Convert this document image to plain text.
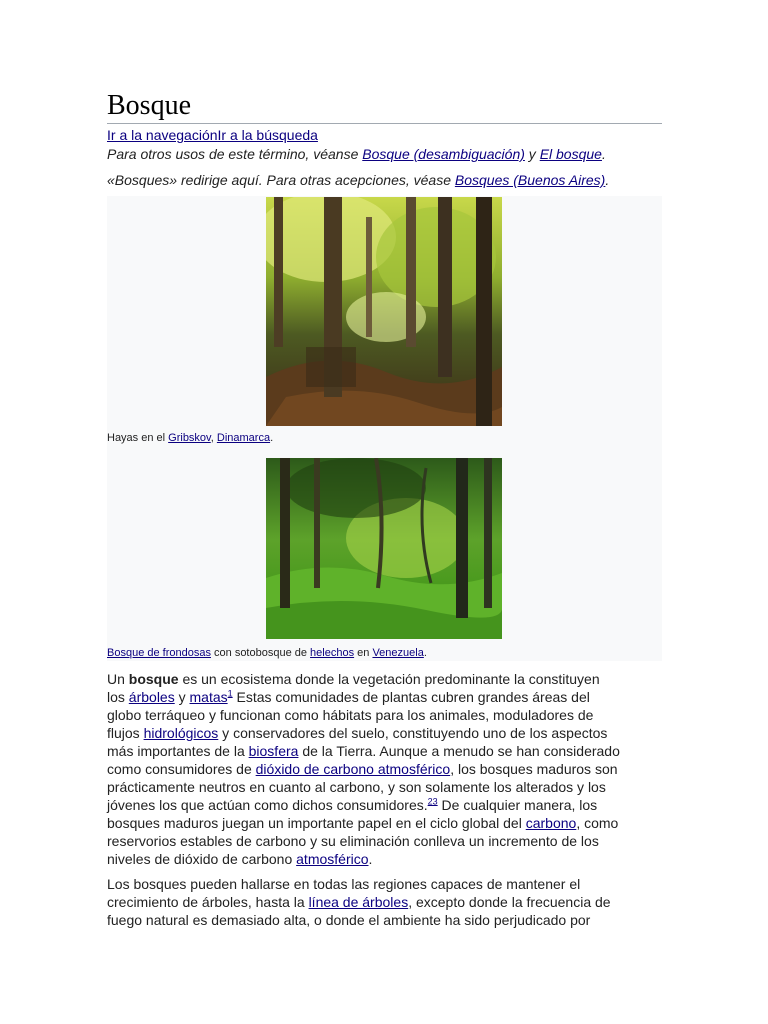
Bosque
Ir a la navegaciónIr a la búsqueda
Para otros usos de este término, véanse Bosque (desambiguación) y El bosque.
«Bosques» redirige aquí. Para otras acepciones, véase Bosques (Buenos Aires).
Hayas en el Gribskov, Dinamarca.
Bosque de frondosas con sotobosque de helechos en Venezuela.
Un bosque es un ecosistema donde la vegetación predominante la constituyen
los árboles y matas$^1$ Estas comunidades de plantas cubren grandes áreas del
globo terráqueo y funcionan como hábitats para los animales, moduladores de
flujos hidrológicos y conservadores del suelo, constituyendo uno de los aspectos
más importantes de la biosfera de la Tierra. Aunque a menudo se han considerado
como consumidores de dióxido de carbono atmosférico, los bosques maduros son
prácticamente neutros en cuanto al carbono, y son solamente los alterados y los
jóvenes los que actúan como dichos consumidores.$^{23}$ De cualquier manera, los
bosques maduros juegan un importante papel en el ciclo global del carbono, como
reservorios estables de carbono y su eliminación conlleva un incremento de los
niveles de dióxido de carbono atmosférico.
Los bosques pueden hallarse en todas las regiones capaces de mantener el
crecimiento de árboles, hasta la línea de árboles, excepto donde la frecuencia de
fuego natural es demasiado alta, o donde el ambiente ha sido perjudicado por
